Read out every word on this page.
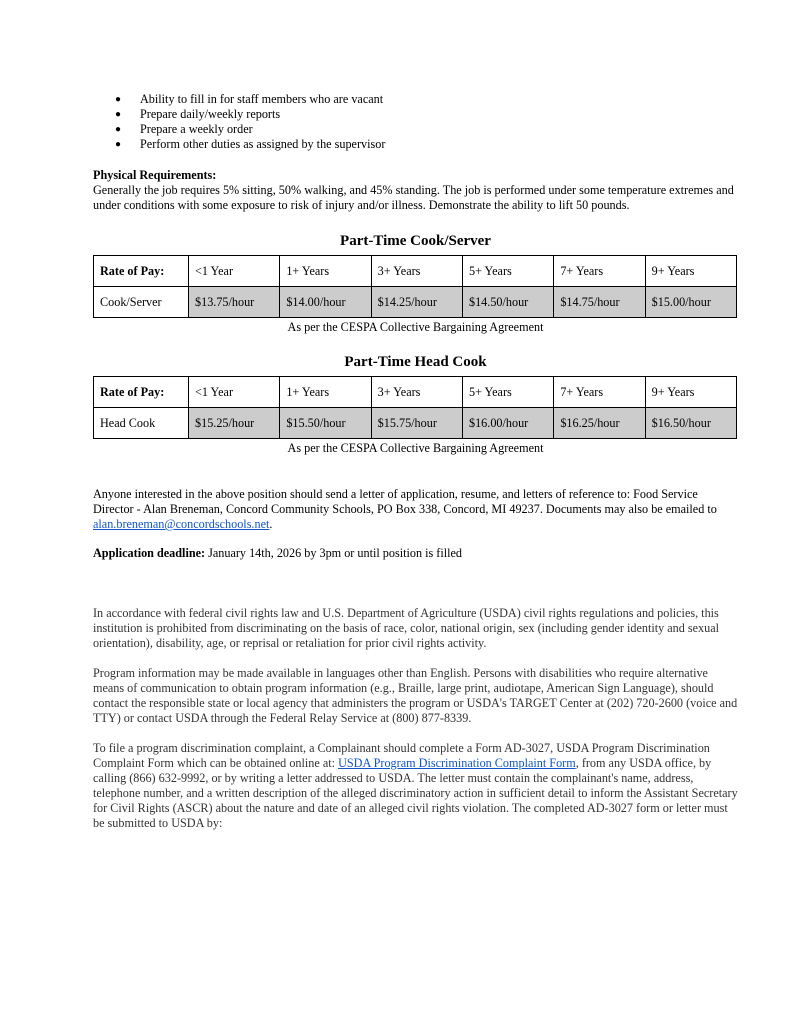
● Ability to fill in for staff members who are vacant
● Prepare daily/weekly reports
● Prepare a weekly order
● Perform other duties as assigned by the supervisor

Physical Requirements:

Generally the job requires 5% sitting, 50% walking, and 45% standing. The job is performed under some temperature extremes and under conditions with some exposure to risk of injury and/or illness. Demonstrate the ability to lift 50 pounds.

Part-Time Cook/Server
Rate of Pay:	<1 Year	1+ Years	3+ Years	5+ Years	7+ Years	9+ Years
Cook/Server	$13.75/hour	$14.00/hour	$14.25/hour	$14.50/hour	$14.75/hour	$15.00/hour
As per the CESPA Collective Bargaining Agreement
Part-Time Head Cook
Rate of Pay:	<1 Year	1+ Years	3+ Years	5+ Years	7+ Years	9+ Years
Head Cook	$15.25/hour	$15.50/hour	$15.75/hour	$16.00/hour	$16.25/hour	$16.50/hour
As per the CESPA Collective Bargaining Agreement

Anyone interested in the above position should send a letter of application, resume, and letters of reference to: Food Service Director - Alan Breneman, Concord Community Schools, PO Box 338, Concord, MI 49237. Documents may also be emailed to alan.breneman@concordschools.net.

Application deadline: January 14th, 2026 by 3pm or until position is filled

In accordance with federal civil rights law and U.S. Department of Agriculture (USDA) civil rights regulations and policies, this institution is prohibited from discriminating on the basis of race, color, national origin, sex (including gender identity and sexual orientation), disability, age, or reprisal or retaliation for prior civil rights activity.

Program information may be made available in languages other than English. Persons with disabilities who require alternative means of communication to obtain program information (e.g., Braille, large print, audiotape, American Sign Language), should contact the responsible state or local agency that administers the program or USDA's TARGET Center at (202) 720-2600 (voice and TTY) or contact USDA through the Federal Relay Service at (800) 877-8339.

To file a program discrimination complaint, a Complainant should complete a Form AD-3027, USDA Program Discrimination Complaint Form which can be obtained online at: USDA Program Discrimination Complaint Form, from any USDA office, by calling (866) 632-9992, or by writing a letter addressed to USDA. The letter must contain the complainant's name, address, telephone number, and a written description of the alleged discriminatory action in sufficient detail to inform the Assistant Secretary for Civil Rights (ASCR) about the nature and date of an alleged civil rights violation. The completed AD-3027 form or letter must be submitted to USDA by:
